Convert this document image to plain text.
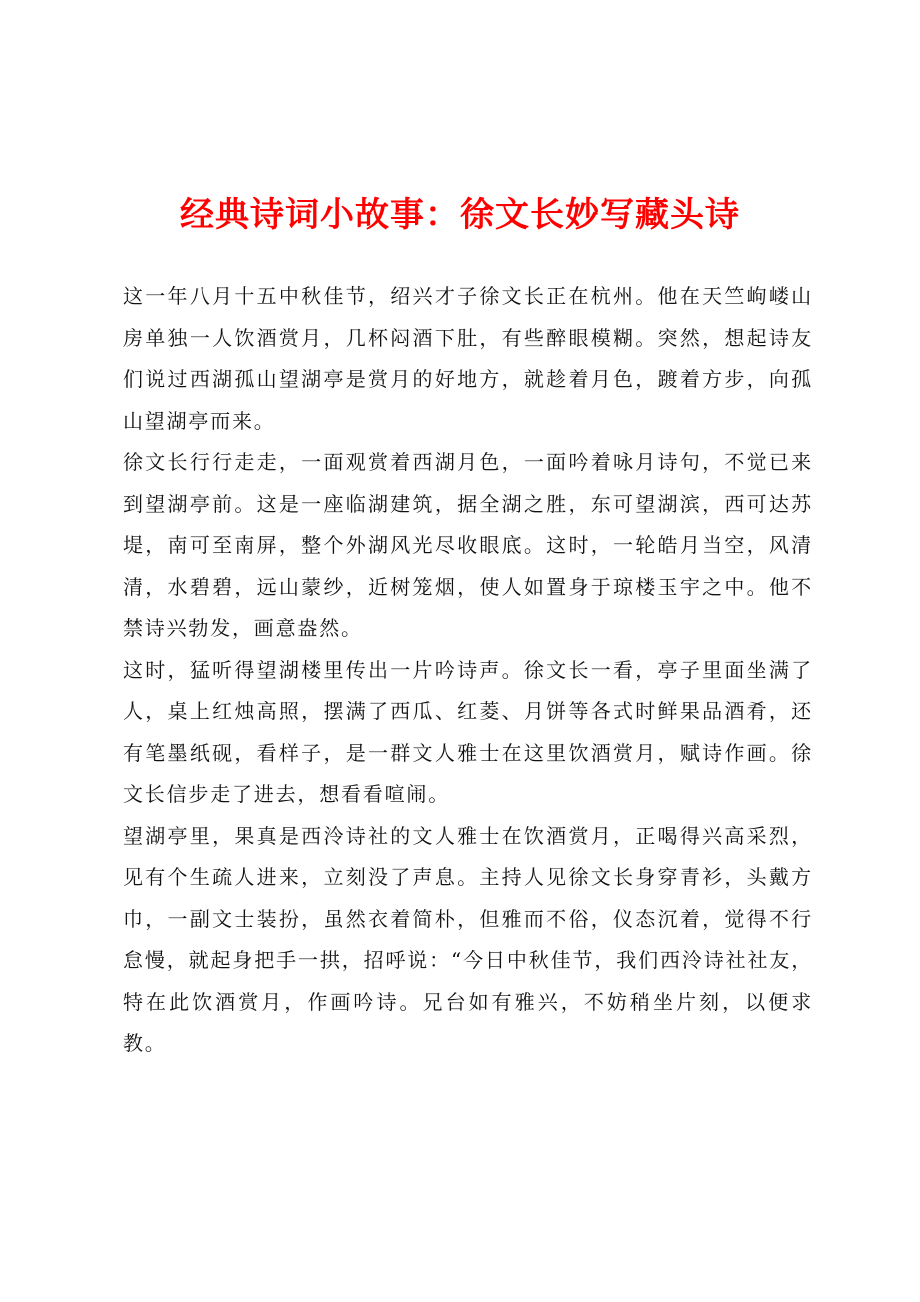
经典诗词小故事：徐文长妙写藏头诗

这一年八月十五中秋佳节，绍兴才子徐文长正在杭州。他在天竺岣嵝山房单独一人饮酒赏月，几杯闷酒下肚，有些醉眼模糊。突然，想起诗友们说过西湖孤山望湖亭是赏月的好地方，就趁着月色，踱着方步，向孤山望湖亭而来。

徐文长行行走走，一面观赏着西湖月色，一面吟着咏月诗句，不觉已来到望湖亭前。这是一座临湖建筑，据全湖之胜，东可望湖滨，西可达苏堤，南可至南屏，整个外湖风光尽收眼底。这时，一轮皓月当空，风清清，水碧碧，远山蒙纱，近树笼烟，使人如置身于琼楼玉宇之中。他不禁诗兴勃发，画意盎然。

这时，猛听得望湖楼里传出一片吟诗声。徐文长一看，亭子里面坐满了人，桌上红烛高照，摆满了西瓜、红菱、月饼等各式时鲜果品酒肴，还有笔墨纸砚，看样子，是一群文人雅士在这里饮酒赏月，赋诗作画。徐文长信步走了进去，想看看喧闹。

望湖亭里，果真是西泠诗社的文人雅士在饮酒赏月，正喝得兴高采烈，见有个生疏人进来，立刻没了声息。主持人见徐文长身穿青衫，头戴方巾，一副文士装扮，虽然衣着简朴，但雅而不俗，仪态沉着，觉得不行怠慢，就起身把手一拱，招呼说：“今日中秋佳节，我们西泠诗社社友，特在此饮酒赏月，作画吟诗。兄台如有雅兴，不妨稍坐片刻，以便求教。
